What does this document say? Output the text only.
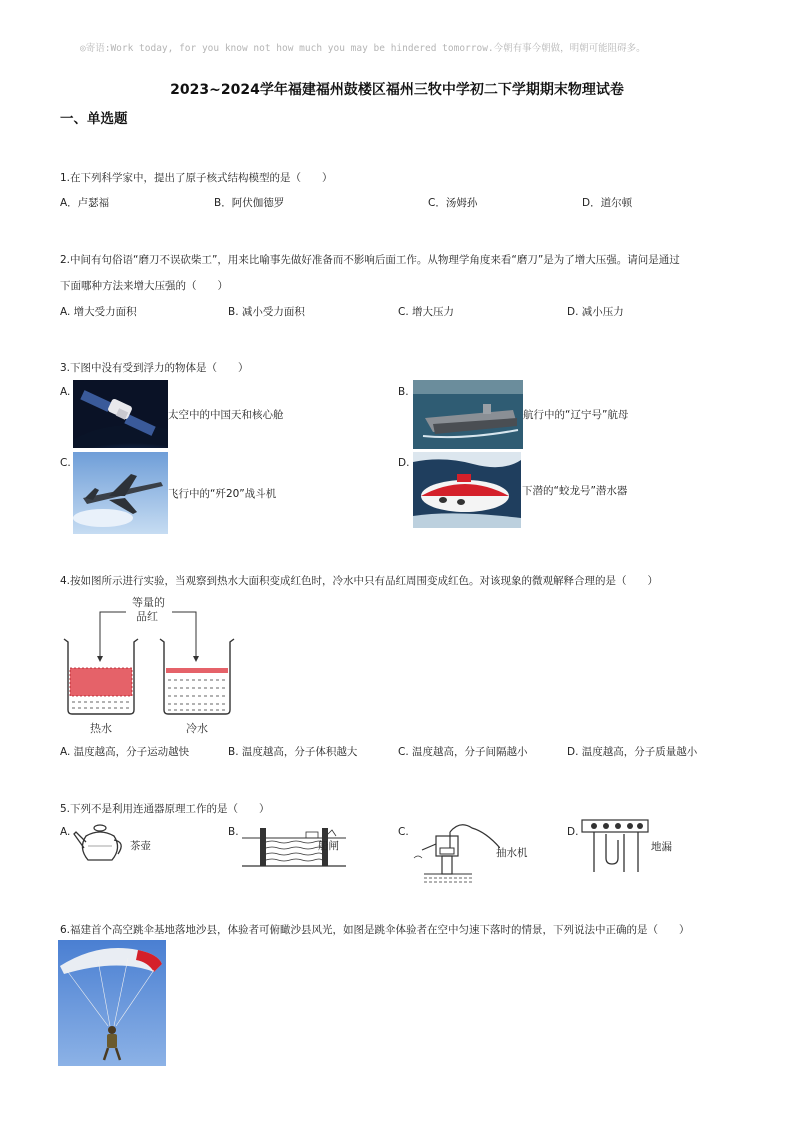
◎寄语:Work today, for you know not how much you may be hindered tomorrow.今朝有事今朝做，明朝可能阻碍多。
2023~2024学年福建福州鼓楼区福州三牧中学初二下学期期末物理试卷
一、单选题
1.在下列科学家中，提出了原子核式结构模型的是（　　）
A．卢瑟福	B．阿伏伽德罗	C．汤姆孙	D．道尔顿
2.中间有句俗语“磨刀不误砍柴工”，用来比喻事先做好准备而不影响后面工作。从物理学角度来看“磨刀”是为了增大压强。请问是通过
下面哪种方法来增大压强的（　　）
A. 增大受力面积	B. 减小受力面积	C. 增大压力	D. 减小压力
3.下图中没有受到浮力的物体是（　　）
A.
太空中的中国天和核心舱
B.
航行中的“辽宁号”航母
C.
飞行中的“歼20”战斗机
D.
下潜的“蛟龙号”潜水器
4.按如图所示进行实验，当观察到热水大面积变成红色时，冷水中只有品红周围变成红色。对该现象的微观解释合理的是（　　）
等量的
品红
热水	冷水
A. 温度越高，分子运动越快	B. 温度越高，分子体积越大	C. 温度越高，分子间隔越小	D. 温度越高，分子质量越小
5.下列不是利用连通器原理工作的是（　　）
A.
茶壶
B.
船闸
C.
抽水机
D.
地漏
6.福建首个高空跳伞基地落地沙县，体验者可俯瞰沙县风光，如图是跳伞体验者在空中匀速下落时的情景，下列说法中正确的是（　　）
